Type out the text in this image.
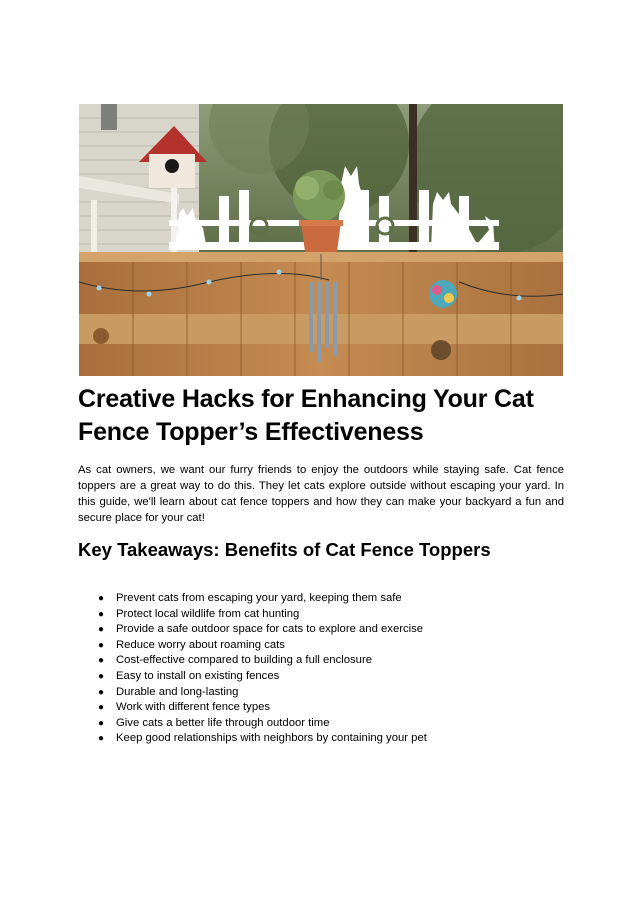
Creative Hacks for Enhancing Your Cat Fence Topper’s Effectiveness

As cat owners, we want our furry friends to enjoy the outdoors while staying safe. Cat fence toppers are a great way to do this. They let cats explore outside without escaping your yard. In this guide, we'll learn about cat fence toppers and how they can make your backyard a fun and secure place for your cat!

Key Takeaways: Benefits of Cat Fence Toppers
● Prevent cats from escaping your yard, keeping them safe
● Protect local wildlife from cat hunting
● Provide a safe outdoor space for cats to explore and exercise
● Reduce worry about roaming cats
● Cost-effective compared to building a full enclosure
● Easy to install on existing fences
● Durable and long-lasting
● Work with different fence types
● Give cats a better life through outdoor time
● Keep good relationships with neighbors by containing your pet
